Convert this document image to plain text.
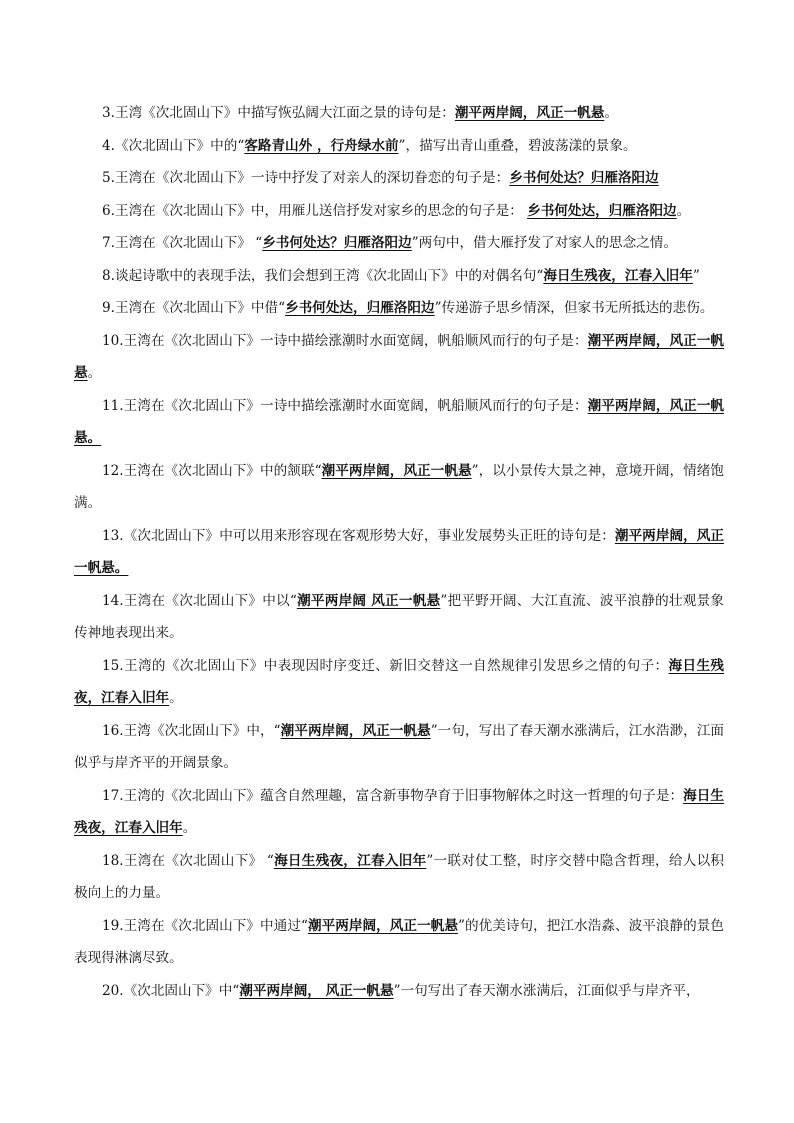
3.王湾《次北固山下》中描写恢弘阔大江面之景的诗句是：潮平两岸阔，风正一帆悬。

4.《次北固山下》中的“客路青山外 ，行舟绿水前”，描写出青山重叠，碧波荡漾的景象。

5.王湾在《次北固山下》一诗中抒发了对亲人的深切眷恋的句子是：乡书何处达？归雁洛阳边

6.王湾在《次北固山下》中，用雁儿送信抒发对家乡的思念的句子是： 乡书何处达，归雁洛阳边。

7.王湾在《次北固山下》 “乡书何处达？归雁洛阳边”两句中，借大雁抒发了对家人的思念之情。

8.谈起诗歌中的表现手法，我们会想到王湾《次北固山下》中的对偶名句“海日生残夜，江春入旧年”

9.王湾在《次北固山下》中借“乡书何处达，归雁洛阳边”传递游子思乡情深，但家书无所抵达的悲伤。

10.王湾在《次北固山下》一诗中描绘涨潮时水面宽阔，帆船顺风而行的句子是：潮平两岸阔，风正一帆悬。

11.王湾在《次北固山下》一诗中描绘涨潮时水面宽阔，帆船顺风而行的句子是：潮平两岸阔，风正一帆悬。

12.王湾在《次北固山下》中的颔联“潮平两岸阔，风正一帆悬”，以小景传大景之神，意境开阔，情绪饱满。

13.《次北固山下》中可以用来形容现在客观形势大好，事业发展势头正旺的诗句是：潮平两岸阔，风正一帆悬。

14.王湾在《次北固山下》中以“潮平两岸阔 风正一帆悬”把平野开阔、大江直流、波平浪静的壮观景象传神地表现出来。

15.王湾的《次北固山下》中表现因时序变迁、新旧交替这一自然规律引发思乡之情的句子：海日生残夜，江春入旧年。

16.王湾《次北固山下》中，“潮平两岸阔，风正一帆悬”一句，写出了春天潮水涨满后，江水浩渺，江面似乎与岸齐平的开阔景象。

17.王湾的《次北固山下》蕴含自然理趣，富含新事物孕育于旧事物解体之时这一哲理的句子是：海日生残夜，江春入旧年。

18.王湾在《次北固山下》 “海日生残夜，江春入旧年”一联对仗工整，时序交替中隐含哲理，给人以积极向上的力量。

19.王湾在《次北固山下》中通过“潮平两岸阔，风正一帆悬”的优美诗句，把江水浩淼、波平浪静的景色表现得淋漓尽致。

20.《次北固山下》中“潮平两岸阔， 风正一帆悬”一句写出了春天潮水涨满后，江面似乎与岸齐平，
